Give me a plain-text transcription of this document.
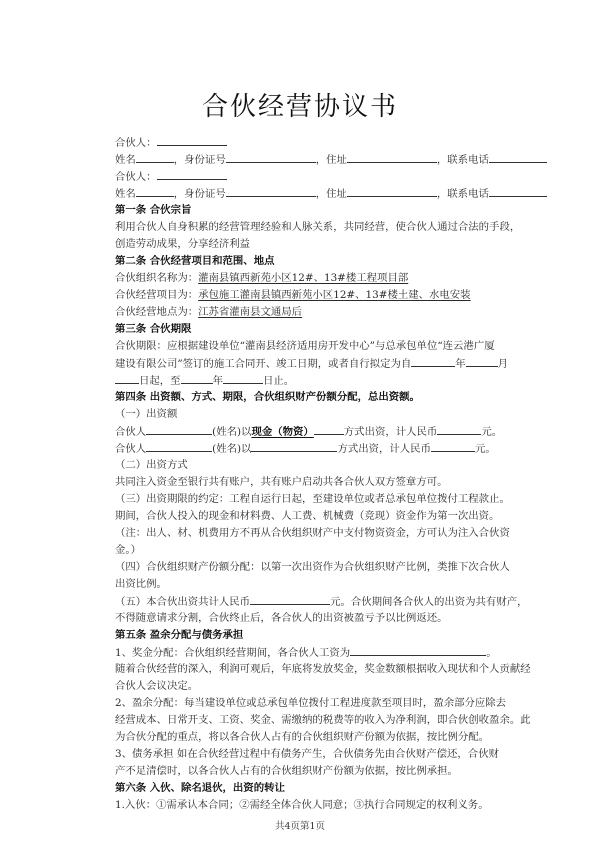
合伙经营协议书
合伙人：
姓名	，身份证号	，住址	，联系电话
合伙人：
姓名	，身份证号	，住址	，联系电话
第一条 合伙宗旨
利用合伙人自身积累的经营管理经验和人脉关系，共同经营，使合伙人通过合法的手段，
创造劳动成果，分享经济利益
第二条 合伙经营项目和范围、地点
合伙组织名称为：灌南县镇西新苑小区12#、13#楼工程项目部
合伙经营项目为：承包施工灌南县镇西新苑小区12#、13#楼土建、水电安装
合伙经营地点为：江苏省灌南县文通局后
第三条 合伙期限
合伙期限：应根据建设单位“灌南县经济适用房开发中心”与总承包单位“连云港广厦
建设有限公司”签订的施工合同开、竣工日期，或者自行拟定为自	年	月
日起，至	年	日止。
第四条 出资额、方式、期限，合伙组织财产份额分配，总出资额。
（一）出资额
合伙人	(姓名)以现金（物资）	方式出资，计人民币	元。
合伙人	(姓名)以	方式出资，计人民币	元。
（二）出资方式
共同注入资金至银行共有账户，共有账户启动共各合伙人双方签章方可。
（三）出资期限的约定：工程自运行日起，至建设单位或者总承包单位拨付工程款止。
期间，合伙人投入的现金和材料费、人工费、机械费（竞现）资金作为第一次出资。
（注：出人、材、机费用方不再从合伙组织财产中支付物资资金，方可认为注入合伙资
金。）
（四）合伙组织财产份额分配：以第一次出资作为合伙组织财产比例，类推下次合伙人
出资比例。
（五）本合伙出资共计人民币	元。合伙期间各合伙人的出资为共有财产，
不得随意请求分割，合伙终止后，各合伙人的出资被盈亏予以比例返还。
第五条 盈余分配与债务承担
1、奖金分配：合伙组织经营期间，各合伙人工资为	。
随着合伙经营的深入，利润可观后，年底将发放奖金，奖金数额根据收入现状和个人贡献经
合伙人会议决定。
2、盈余分配：每当建设单位或总承包单位拨付工程进度款至项目时，盈余部分应除去
经营成本、日常开支、工资、奖金、需缴纳的税费等的收入为净利润，即合伙创收盈余。此
为合伙分配的重点，将以各合伙人占有的合伙组织财产份额为依据，按比例分配。
3、债务承担 如在合伙经营过程中有债务产生，合伙债务先由合伙财产偿还，合伙财
产不足清偿时，以各合伙人占有的合伙组织财产份额为依据，按比例承担。
第六条 入伙、除名退伙，出资的转让
1.入伙：①需承认本合同；②需经全体合伙人同意；③执行合同规定的权利义务。
共4页第1页
